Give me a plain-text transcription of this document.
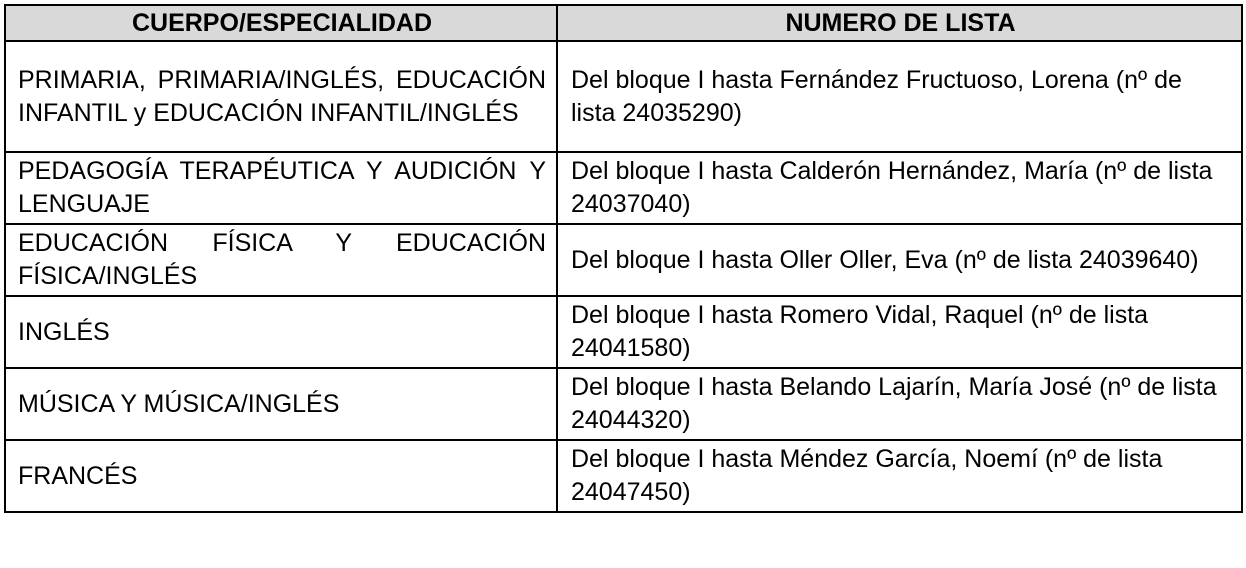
CUERPO/ESPECIALIDAD	NUMERO DE LISTA
PRIMARIA, PRIMARIA/INGLÉS, EDUCACIÓN INFANTIL y EDUCACIÓN INFANTIL/INGLÉS	Del bloque I hasta Fernández Fructuoso, Lorena (nº de lista 24035290)
PEDAGOGÍA TERAPÉUTICA Y AUDICIÓN Y LENGUAJE	Del bloque I hasta Calderón Hernández, María (nº de lista 24037040)
EDUCACIÓN FÍSICA Y EDUCACIÓN FÍSICA/INGLÉS	Del bloque I hasta Oller Oller, Eva (nº de lista 24039640)
INGLÉS	Del bloque I hasta Romero Vidal, Raquel (nº de lista 24041580)
MÚSICA Y MÚSICA/INGLÉS	Del bloque I hasta Belando Lajarín, María José (nº de lista 24044320)
FRANCÉS	Del bloque I hasta Méndez García, Noemí (nº de lista 24047450)
